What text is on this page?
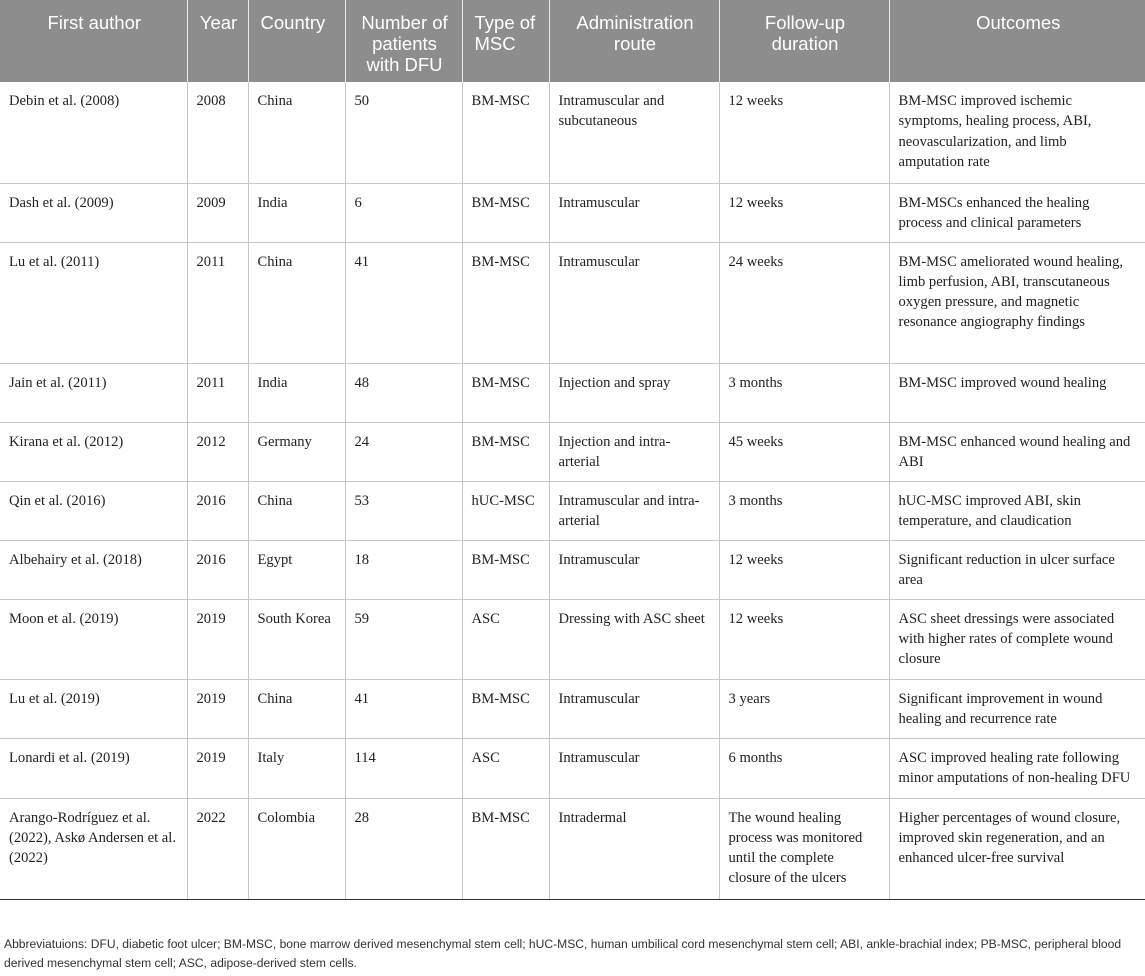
First author	Year	Country	Number of patients with DFU	Type of MSC	Administration route	Follow-up duration	Outcomes
Debin et al. (2008)	2008	China	50	BM-MSC	Intramuscular and subcutaneous	12 weeks	BM-MSC improved ischemic symptoms, healing process, ABI, neovascularization, and limb amputation rate
Dash et al. (2009)	2009	India	6	BM-MSC	Intramuscular	12 weeks	BM-MSCs enhanced the healing process and clinical parameters
Lu et al. (2011)	2011	China	41	BM-MSC	Intramuscular	24 weeks	BM-MSC ameliorated wound healing, limb perfusion, ABI, transcutaneous oxygen pressure, and magnetic resonance angiography findings
Jain et al. (2011)	2011	India	48	BM-MSC	Injection and spray	3 months	BM-MSC improved wound healing
Kirana et al. (2012)	2012	Germany	24	BM-MSC	Injection and intra-arterial	45 weeks	BM-MSC enhanced wound healing and ABI
Qin et al. (2016)	2016	China	53	hUC-MSC	Intramuscular and intra-arterial	3 months	hUC-MSC improved ABI, skin temperature, and claudication
Albehairy et al. (2018)	2016	Egypt	18	BM-MSC	Intramuscular	12 weeks	Significant reduction in ulcer surface area
Moon et al. (2019)	2019	South Korea	59	ASC	Dressing with ASC sheet	12 weeks	ASC sheet dressings were associated with higher rates of complete wound closure
Lu et al. (2019)	2019	China	41	BM-MSC	Intramuscular	3 years	Significant improvement in wound healing and recurrence rate
Lonardi et al. (2019)	2019	Italy	114	ASC	Intramuscular	6 months	ASC improved healing rate following minor amputations of non-healing DFU
Arango-Rodríguez et al. (2022), Askø Andersen et al. (2022)	2022	Colombia	28	BM-MSC	Intradermal	The wound healing process was monitored until the complete closure of the ulcers	Higher percentages of wound closure, improved skin regeneration, and an enhanced ulcer-free survival
Abbreviatuions: DFU, diabetic foot ulcer; BM-MSC, bone marrow derived mesenchymal stem cell; hUC-MSC, human umbilical cord mesenchymal stem cell; ABI, ankle-brachial index; PB-MSC, peripheral blood derived mesenchymal stem cell; ASC, adipose-derived stem cells.
